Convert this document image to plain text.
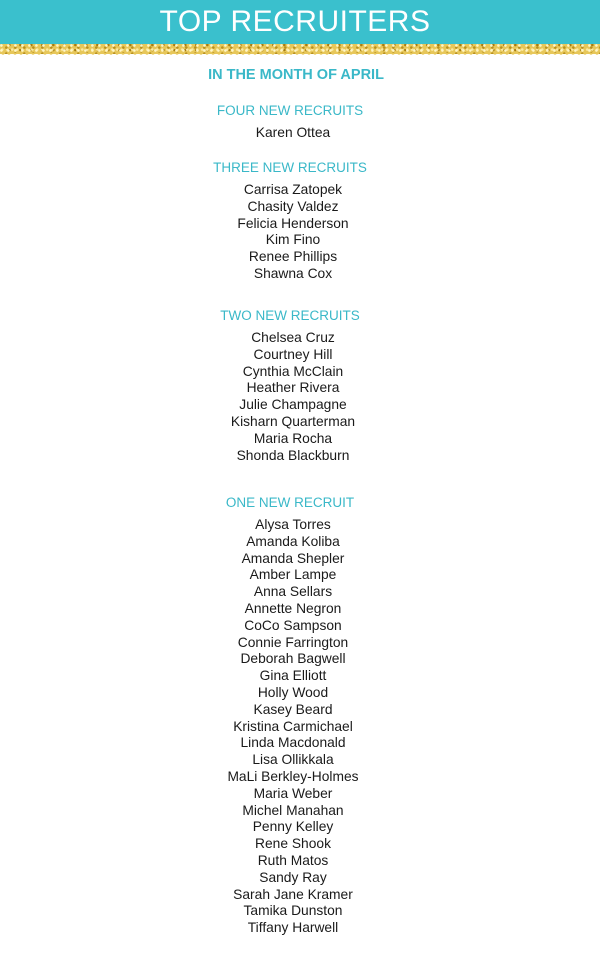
TOP RECRUITERS
IN THE MONTH OF APRIL
FOUR NEW RECRUITS
Karen Ottea
THREE NEW RECRUITS
Carrisa Zatopek
Chasity Valdez
Felicia Henderson
Kim Fino
Renee Phillips
Shawna Cox
TWO NEW RECRUITS
Chelsea Cruz
Courtney Hill
Cynthia McClain
Heather Rivera
Julie Champagne
Kisharn Quarterman
Maria Rocha
Shonda Blackburn
ONE NEW RECRUIT
Alysa Torres
Amanda Koliba
Amanda Shepler
Amber Lampe
Anna Sellars
Annette Negron
CoCo Sampson
Connie Farrington
Deborah Bagwell
Gina Elliott
Holly Wood
Kasey Beard
Kristina Carmichael
Linda Macdonald
Lisa Ollikkala
MaLi Berkley-Holmes
Maria Weber
Michel Manahan
Penny Kelley
Rene Shook
Ruth Matos
Sandy Ray
Sarah Jane Kramer
Tamika Dunston
Tiffany Harwell
